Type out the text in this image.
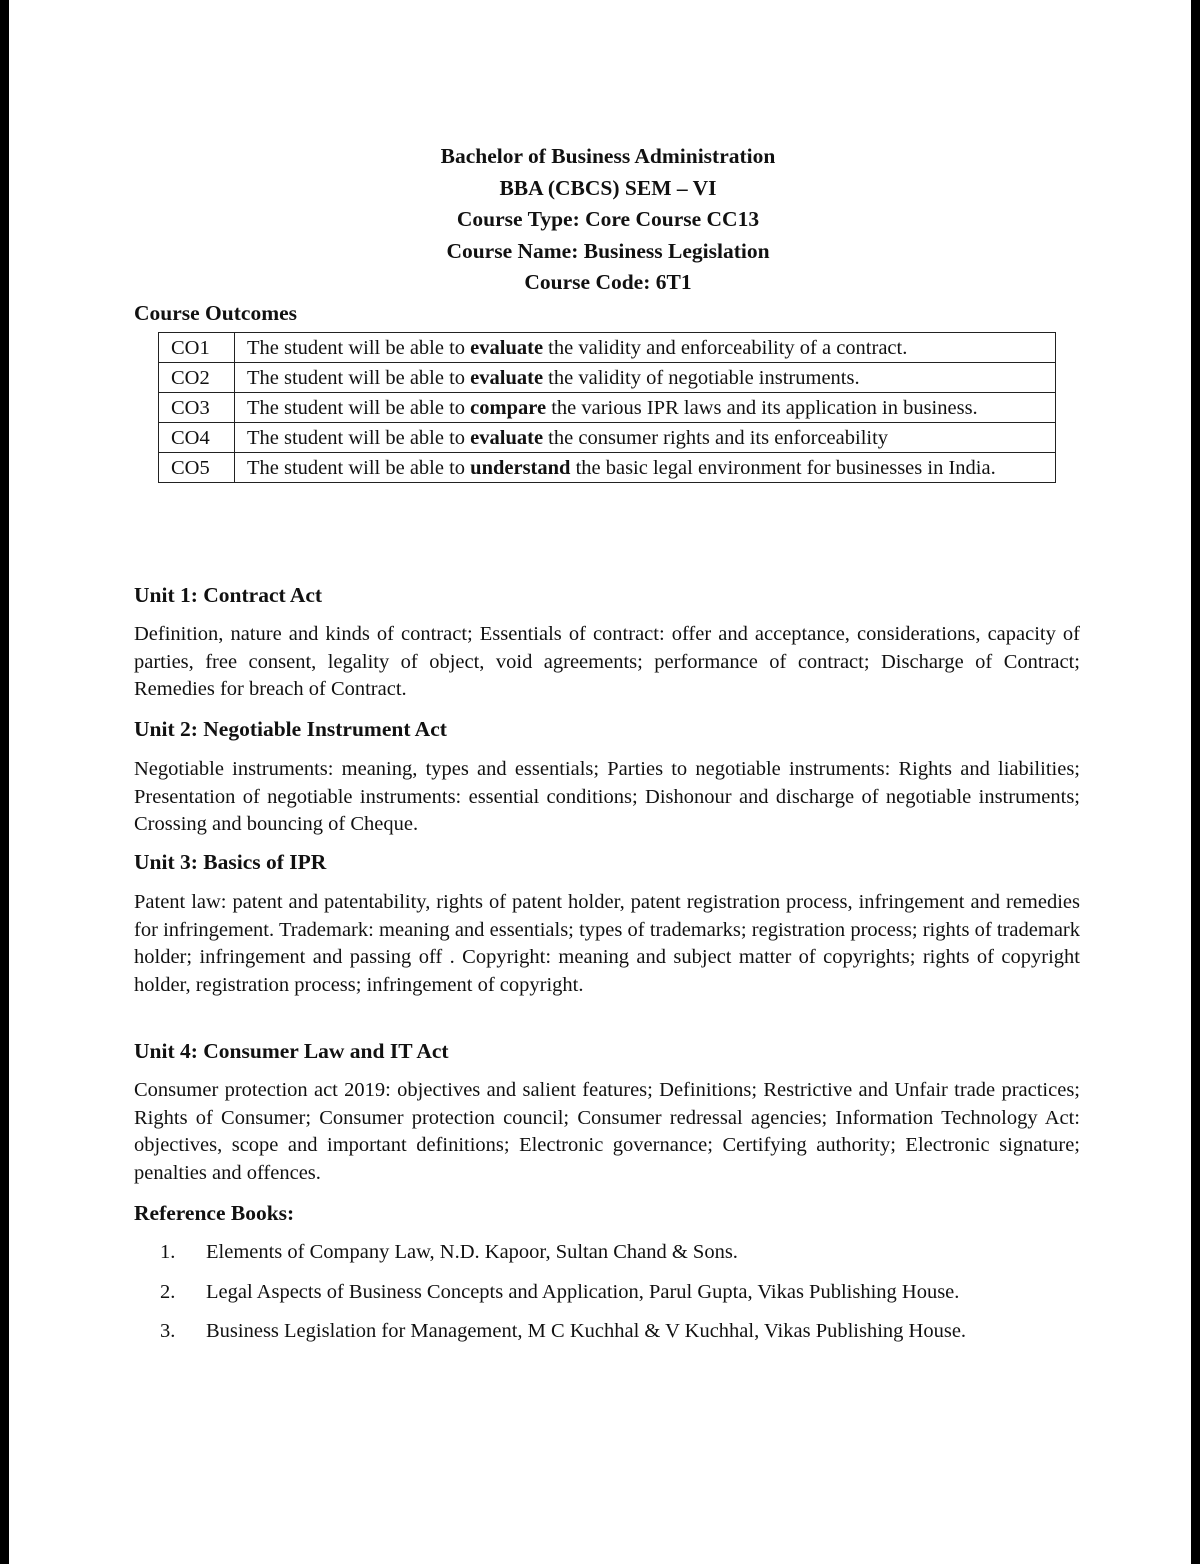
Bachelor of Business Administration
BBA (CBCS) SEM – VI
Course Type: Core Course CC13
Course Name: Business Legislation
Course Code: 6T1
Course Outcomes
CO1	The student will be able to evaluate the validity and enforceability of a contract.
CO2	The student will be able to evaluate the validity of negotiable instruments.
CO3	The student will be able to compare the various IPR laws and its application in business.
CO4	The student will be able to evaluate the consumer rights and its enforceability
CO5	The student will be able to understand the basic legal environment for businesses in India.
Unit 1: Contract Act
Definition, nature and kinds of contract; Essentials of contract: offer and acceptance, considerations, capacity of parties, free consent, legality of object, void agreements; performance of contract; Discharge of Contract; Remedies for breach of Contract.
Unit 2: Negotiable Instrument Act
Negotiable instruments: meaning, types and essentials; Parties to negotiable instruments: Rights and liabilities; Presentation of negotiable instruments: essential conditions; Dishonour and discharge of negotiable instruments; Crossing and bouncing of Cheque.
Unit 3: Basics of IPR
Patent law: patent and patentability, rights of patent holder, patent registration process, infringement and remedies for infringement. Trademark: meaning and essentials; types of trademarks; registration process; rights of trademark holder; infringement and passing off . Copyright: meaning and subject matter of copyrights; rights of copyright holder, registration process; infringement of copyright.
Unit 4: Consumer Law and IT Act
Consumer protection act 2019: objectives and salient features; Definitions; Restrictive and Unfair trade practices; Rights of Consumer; Consumer protection council; Consumer redressal agencies; Information Technology Act: objectives, scope and important definitions; Electronic governance; Certifying authority; Electronic signature; penalties and offences.
Reference Books:
1.	Elements of Company Law, N.D. Kapoor, Sultan Chand & Sons.
2.	Legal Aspects of Business Concepts and Application, Parul Gupta, Vikas Publishing House.
3.	Business Legislation for Management, M C Kuchhal & V Kuchhal, Vikas Publishing House.
